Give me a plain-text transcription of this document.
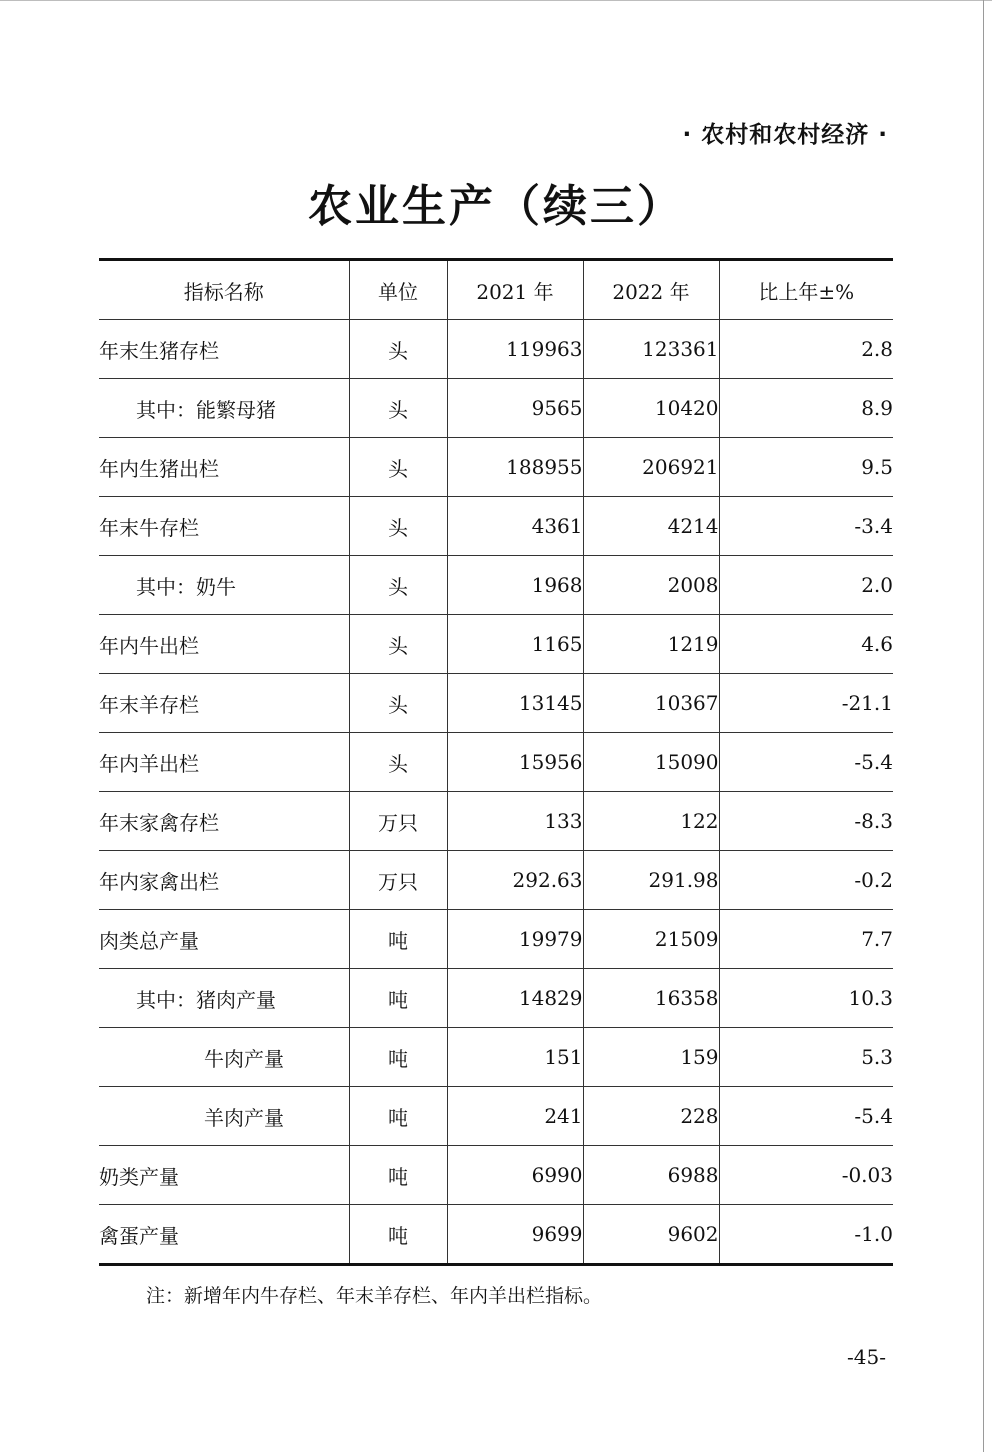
· 农村和农村经济 ·
农业生产（续三）
指标名称	单位	2021 年	2022 年	比上年±%
年末生猪存栏	头	119963	123361	2.8
其中：能繁母猪	头	9565	10420	8.9
年内生猪出栏	头	188955	206921	9.5
年末牛存栏	头	4361	4214	-3.4
其中：奶牛	头	1968	2008	2.0
年内牛出栏	头	1165	1219	4.6
年末羊存栏	头	13145	10367	-21.1
年内羊出栏	头	15956	15090	-5.4
年末家禽存栏	万只	133	122	-8.3
年内家禽出栏	万只	292.63	291.98	-0.2
肉类总产量	吨	19979	21509	7.7
其中：猪肉产量	吨	14829	16358	10.3
牛肉产量	吨	151	159	5.3
羊肉产量	吨	241	228	-5.4
奶类产量	吨	6990	6988	-0.03
禽蛋产量	吨	9699	9602	-1.0
注：新增年内牛存栏、年末羊存栏、年内羊出栏指标。
-45-
